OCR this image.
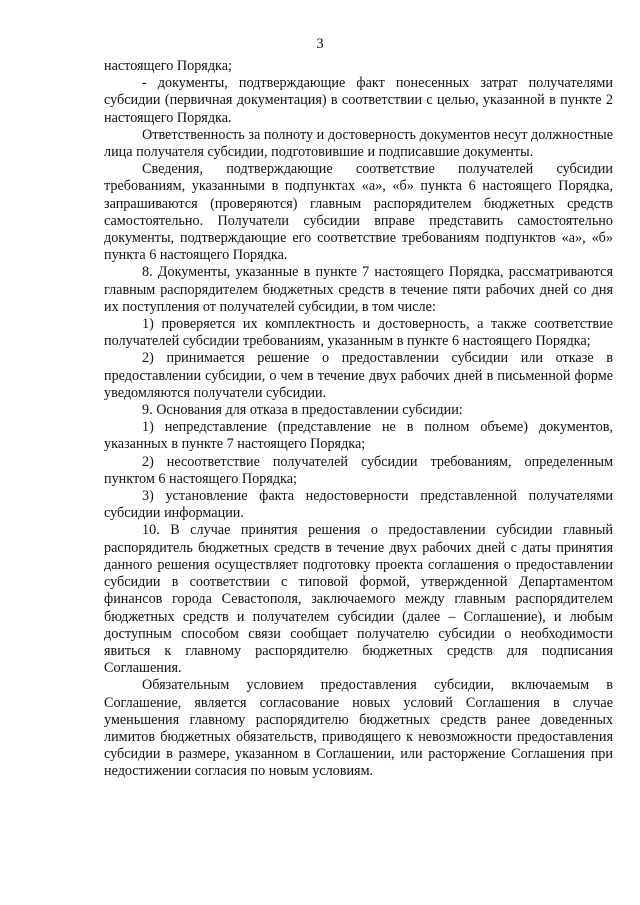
3

настоящего Порядка;

- документы, подтверждающие факт понесенных затрат получателями субсидии (первичная документация) в соответствии с целью, указанной в пункте 2 настоящего Порядка.

Ответственность за полноту и достоверность документов несут должностные лица получателя субсидии, подготовившие и подписавшие документы.

Сведения, подтверждающие соответствие получателей субсидии требованиям, указанными в подпунктах «а», «б» пункта 6 настоящего Порядка, запрашиваются (проверяются) главным распорядителем бюджетных средств самостоятельно. Получатели субсидии вправе представить самостоятельно документы, подтверждающие его соответствие требованиям подпунктов «а», «б» пункта 6 настоящего Порядка.

8. Документы, указанные в пункте 7 настоящего Порядка, рассматриваются главным распорядителем бюджетных средств в течение пяти рабочих дней со дня их поступления от получателей субсидии, в том числе:

1) проверяется их комплектность и достоверность, а также соответствие получателей субсидии требованиям, указанным в пункте 6 настоящего Порядка;

2) принимается решение о предоставлении субсидии или отказе в предоставлении субсидии, о чем в течение двух рабочих дней в письменной форме уведомляются получатели субсидии.

9. Основания для отказа в предоставлении субсидии:

1) непредставление (представление не в полном объеме) документов, указанных в пункте 7 настоящего Порядка;

2) несоответствие получателей субсидии требованиям, определенным пунктом 6 настоящего Порядка;

3) установление факта недостоверности представленной получателями субсидии информации.

10. В случае принятия решения о предоставлении субсидии главный распорядитель бюджетных средств в течение двух рабочих дней с даты принятия данного решения осуществляет подготовку проекта соглашения о предоставлении субсидии в соответствии с типовой формой, утвержденной Департаментом финансов города Севастополя, заключаемого между главным распорядителем бюджетных средств и получателем субсидии (далее – Соглашение), и любым доступным способом связи сообщает получателю субсидии о необходимости явиться к главному распорядителю бюджетных средств для подписания Соглашения.

Обязательным условием предоставления субсидии, включаемым в Соглашение, является согласование новых условий Соглашения в случае уменьшения главному распорядителю бюджетных средств ранее доведенных лимитов бюджетных обязательств, приводящего к невозможности предоставления субсидии в размере, указанном в Соглашении, или расторжение Соглашения при недостижении согласия по новым условиям.
